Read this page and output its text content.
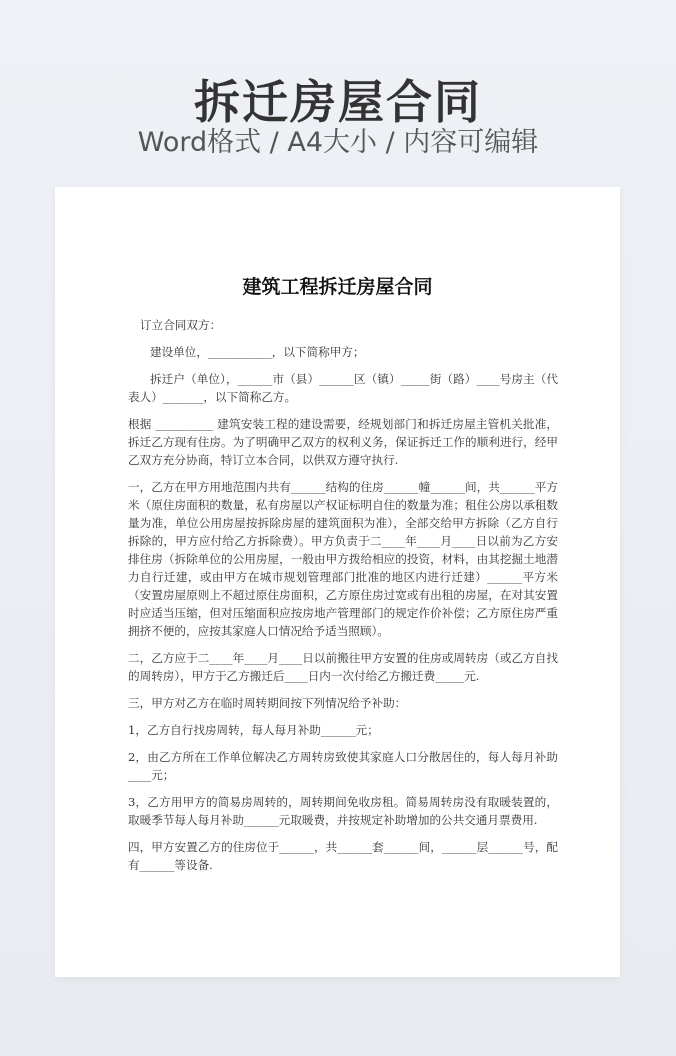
拆迁房屋合同
Word格式 / A4大小 / 内容可编辑
建筑工程拆迁房屋合同

订立合同双方：

建设单位，___________，以下简称甲方；

拆迁户（单位），______市（县）______区（镇）_____街（路）____号房主（代表人）_______，以下简称乙方。

根据 __________ 建筑安装工程的建设需要，经规划部门和拆迁房屋主管机关批准，拆迁乙方现有住房。为了明确甲乙双方的权利义务，保证拆迁工作的顺利进行，经甲乙双方充分协商，特订立本合同，以供双方遵守执行.

一，乙方在甲方用地范围内共有______结构的住房______幢______间，共______平方米（原住房面积的数量，私有房屋以产权证标明自住的数量为准；租住公房以承租数量为准，单位公用房屋按拆除房屋的建筑面积为准），全部交给甲方拆除（乙方自行拆除的，甲方应付给乙方拆除费）。甲方负责于二____年____月____日以前为乙方安排住房（拆除单位的公用房屋，一般由甲方拨给相应的投资，材料，由其挖掘土地潜力自行迁建，或由甲方在城市规划管理部门批准的地区内进行迁建）______平方米（安置房屋原则上不超过原住房面积，乙方原住房过宽或有出租的房屋，在对其安置时应适当压缩，但对压缩面积应按房地产管理部门的规定作价补偿；乙方原住房严重拥挤不便的，应按其家庭人口情况给予适当照顾）。

二，乙方应于二____年____月____日以前搬往甲方安置的住房或周转房（或乙方自找的周转房），甲方于乙方搬迁后____日内一次付给乙方搬迁费_____元.

三，甲方对乙方在临时周转期间按下列情况给予补助：

1，乙方自行找房周转，每人每月补助______元；

2，由乙方所在工作单位解决乙方周转房致使其家庭人口分散居住的，每人每月补助____元；

3，乙方用甲方的简易房周转的，周转期间免收房租。简易周转房没有取暖装置的，取暖季节每人每月补助______元取暖费，并按规定补助增加的公共交通月票费用.

四，甲方安置乙方的住房位于______，共______套______间，______层______号，配有______等设备.
